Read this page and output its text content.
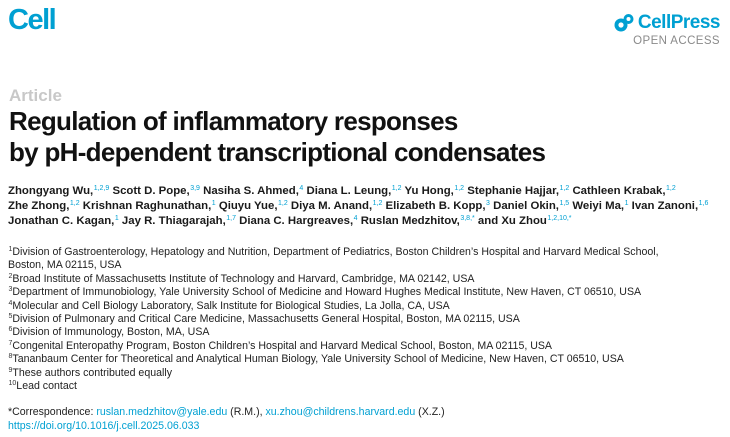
Cell	CellPress
OPEN ACCESS
Article
Regulation of inflammatory responses
by pH-dependent transcriptional condensates
Zhongyang Wu,$^{1,2,9}$ Scott D. Pope,$^{3,9}$ Nasiha S. Ahmed,$^4$ Diana L. Leung,$^{1,2}$ Yu Hong,$^{1,2}$ Stephanie Hajjar,$^{1,2}$ Cathleen Krabak,$^{1,2}$ Zhe Zhong,$^{1,2}$ Krishnan Raghunathan,$^1$ Qiuyu Yue,$^{1,2}$ Diya M. Anand,$^{1,2}$ Elizabeth B. Kopp,$^3$ Daniel Okin,$^{1,5}$ Weiyi Ma,$^1$ Ivan Zanoni,$^{1,6}$ Jonathan C. Kagan,$^1$ Jay R. Thiagarajah,$^{1,7}$ Diana C. Hargreaves,$^4$ Ruslan Medzhitov,$^{3,8,*}$ and Xu Zhou$^{1,2,10,*}$
$^1$Division of Gastroenterology, Hepatology and Nutrition, Department of Pediatrics, Boston Children’s Hospital and Harvard Medical School,
Boston, MA 02115, USA
$^2$Broad Institute of Massachusetts Institute of Technology and Harvard, Cambridge, MA 02142, USA
$^3$Department of Immunobiology, Yale University School of Medicine and Howard Hughes Medical Institute, New Haven, CT 06510, USA
$^4$Molecular and Cell Biology Laboratory, Salk Institute for Biological Studies, La Jolla, CA, USA
$^5$Division of Pulmonary and Critical Care Medicine, Massachusetts General Hospital, Boston, MA 02115, USA
$^6$Division of Immunology, Boston, MA, USA
$^7$Congenital Enteropathy Program, Boston Children’s Hospital and Harvard Medical School, Boston, MA 02115, USA
$^8$Tananbaum Center for Theoretical and Analytical Human Biology, Yale University School of Medicine, New Haven, CT 06510, USA
$^9$These authors contributed equally
$^{10}$Lead contact
*Correspondence: ruslan.medzhitov@yale.edu (R.M.), xu.zhou@childrens.harvard.edu (X.Z.)
https://doi.org/10.1016/j.cell.2025.06.033
